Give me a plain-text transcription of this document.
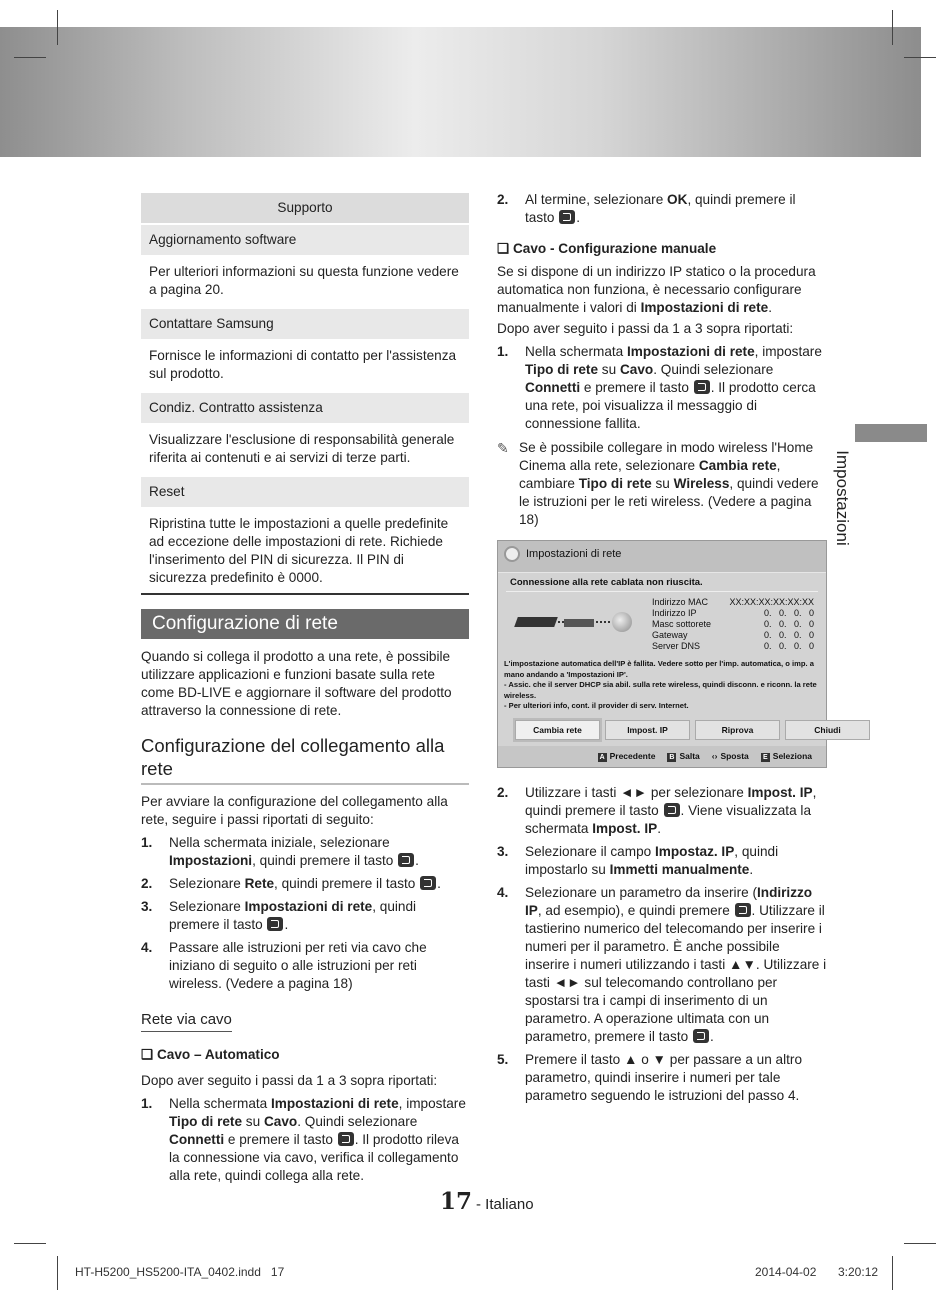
Supporto
Aggiornamento software
Per ulteriori informazioni su questa funzione vedere a pagina 20.
Contattare Samsung
Fornisce le informazioni di contatto per l'assistenza sul prodotto.
Condiz. Contratto assistenza
Visualizzare l'esclusione di responsabilità generale riferita ai contenuti e ai servizi di terze parti.
Reset
Ripristina tutte le impostazioni a quelle predefinite ad eccezione delle impostazioni di rete. Richiede l'inserimento del PIN di sicurezza. Il PIN di sicurezza predefinito è 0000.
Configurazione di rete

Quando si collega il prodotto a una rete, è possibile utilizzare applicazioni e funzioni basate sulla rete come BD-LIVE e aggiornare il software del prodotto attraverso la connessione di rete.

Configurazione del collegamento alla rete

Per avviare la configurazione del collegamento alla rete, seguire i passi riportati di seguito:

1.	Nella schermata iniziale, selezionare Impostazioni, quindi premere il tasto .
2.	Selezionare Rete, quindi premere il tasto .
3.	Selezionare Impostazioni di rete, quindi premere il tasto .
4.	Passare alle istruzioni per reti via cavo che iniziano di seguito o alle istruzioni per reti wireless. (Vedere a pagina 18)
Rete via cavo
❑ Cavo – Automatico

Dopo aver seguito i passi da 1 a 3 sopra riportati:

1.	Nella schermata Impostazioni di rete, impostare Tipo di rete su Cavo. Quindi selezionare Connetti e premere il tasto . Il prodotto rileva la connessione via cavo, verifica il collegamento alla rete, quindi collega alla rete.
2.	Al termine, selezionare OK, quindi premere il tasto .
❑ Cavo - Configurazione manuale

Se si dispone di un indirizzo IP statico o la procedura automatica non funziona, è necessario configurare manualmente i valori di Impostazioni di rete.

Dopo aver seguito i passi da 1 a 3 sopra riportati:

1.	Nella schermata Impostazioni di rete, impostare Tipo di rete su Cavo. Quindi selezionare Connetti e premere il tasto . Il prodotto cerca una rete, poi visualizza il messaggio di connessione fallita.
✎ Se è possibile collegare in modo wireless l'Home Cinema alla rete, selezionare Cambia rete, cambiare Tipo di rete su Wireless, quindi vedere le istruzioni per le reti wireless. (Vedere a pagina 18)
Impostazioni di rete
Connessione alla rete cablata non riuscita.
Indirizzo MAC XX:XX:XX:XX:XX:XX
Indirizzo IP	0.   0.   0.   0
Masc sottorete	0.   0.   0.   0
Gateway	0.   0.   0.   0
Server DNS	0.   0.   0.   0
L'impostazione automatica dell'IP è fallita. Vedere sotto per l'imp. automatica, o imp. a mano andando a 'Impostazioni IP'.
- Assic. che il server DHCP sia abil. sulla rete wireless, quindi disconn. e riconn. la rete wireless.
- Per ulteriori info, cont. il provider di serv. Internet.
Cambia rete	Impost. IP	Riprova	Chiudi
A Precedente B Salta ‹› Sposta	E Seleziona
2.	Utilizzare i tasti ◄► per selezionare Impost. IP, quindi premere il tasto . Viene visualizzata la schermata Impost. IP.
3.	Selezionare il campo Impostaz. IP, quindi impostarlo su Immetti manualmente.
4.	Selezionare un parametro da inserire (Indirizzo IP, ad esempio), e quindi premere . Utilizzare il tastierino numerico del telecomando per inserire i numeri per il parametro. È anche possibile inserire i numeri utilizzando i tasti ▲▼. Utilizzare i tasti ◄► sul telecomando controllano per spostarsi tra i campi di inserimento di un parametro. A operazione ultimata con un parametro, premere il tasto .
5.	Premere il tasto ▲ o ▼ per passare a un altro parametro, quindi inserire i numeri per tale parametro seguendo le istruzioni del passo 4.
Impostazioni
17 - Italiano
HT-H5200_HS5200-ITA_0402.indd   17	2014-04-02 3:20:12
